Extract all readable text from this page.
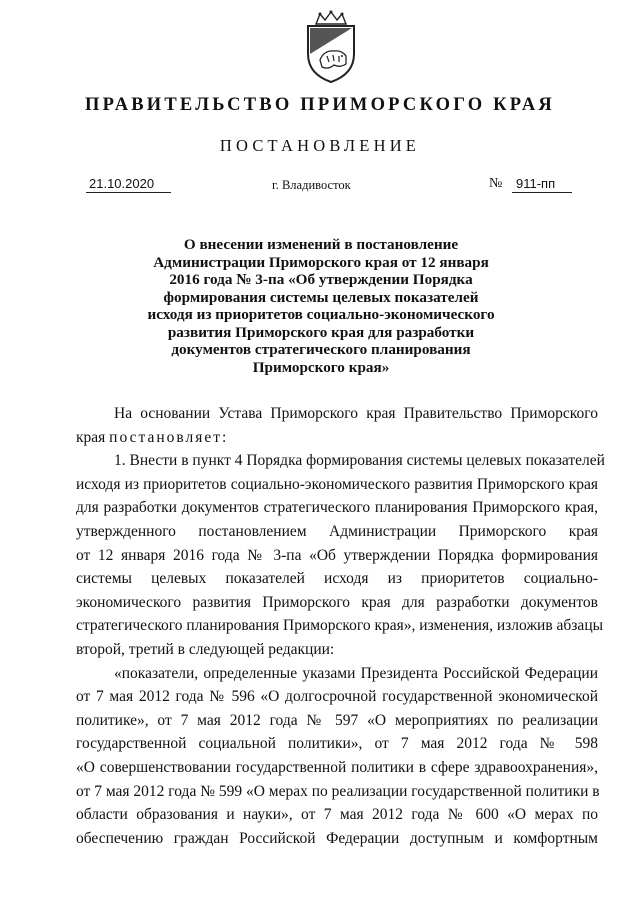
ПРАВИТЕЛЬСТВО ПРИМОРСКОГО КРАЯ
ПОСТАНОВЛЕНИЕ
21.10.2020	г. Владивосток	№	911-пп
О внесении изменений в постановление
Администрации Приморского края от 12 января
2016 года № 3-па «Об утверждении Порядка
формирования системы целевых показателей
исходя из приоритетов социально-экономического
развития Приморского края для разработки
документов стратегического планирования
Приморского края»
На основании Устава Приморского края Правительство Приморского
края постановляет:
1. Внести в пункт 4 Порядка формирования системы целевых показателей
исходя из приоритетов социально-экономического развития Приморского края
для разработки документов стратегического планирования Приморского края,
утвержденного постановлением Администрации Приморского края
от 12 января 2016 года № 3-па «Об утверждении Порядка формирования
системы целевых показателей исходя из приоритетов социально-
экономического развития Приморского края для разработки документов
стратегического планирования Приморского края», изменения, изложив абзацы
второй, третий в следующей редакции:
«показатели, определенные указами Президента Российской Федерации
от 7 мая 2012 года № 596 «О долгосрочной государственной экономической
политике», от 7 мая 2012 года № 597 «О мероприятиях по реализации
государственной социальной политики», от 7 мая 2012 года № 598
«О совершенствовании государственной политики в сфере здравоохранения»,
от 7 мая 2012 года № 599 «О мерах по реализации государственной политики в
области образования и науки», от 7 мая 2012 года № 600 «О мерах по
обеспечению граждан Российской Федерации доступным и комфортным
